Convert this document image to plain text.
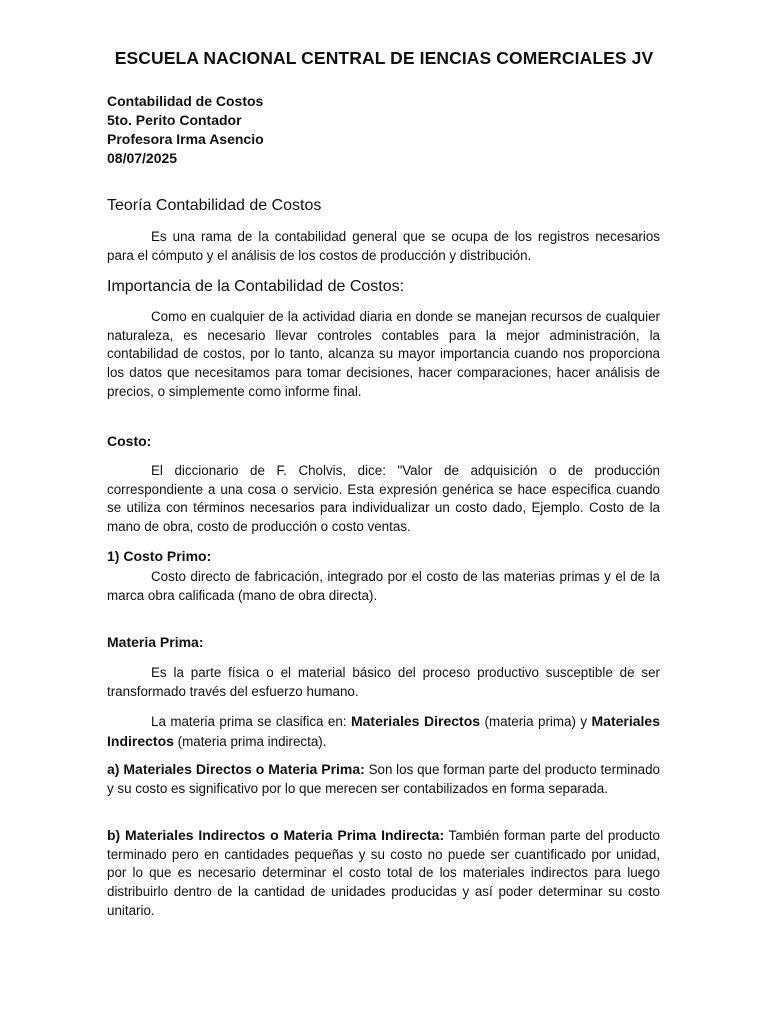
ESCUELA NACIONAL CENTRAL DE IENCIAS COMERCIALES JV
Contabilidad de Costos
5to. Perito Contador
Profesora Irma Asencio
08/07/2025
Teoría Contabilidad de Costos
Es una rama de la contabilidad general que se ocupa de los registros necesarios para el cómputo y el análisis de los costos de producción y distribución.
Importancia de la Contabilidad de Costos:
Como en cualquier de la actividad diaria en donde se manejan recursos de cualquier naturaleza, es necesario llevar controles contables para la mejor administración, la contabilidad de costos, por lo tanto, alcanza su mayor importancia cuando nos proporciona los datos que necesitamos para tomar decisiones, hacer comparaciones, hacer análisis de precios, o simplemente como informe final.
Costo:
El diccionario de F. Cholvis, dice: "Valor de adquisición o de producción correspondiente a una cosa o servicio. Esta expresión genérica se hace especifica cuando se utiliza con términos necesarios para individualizar un costo dado, Ejemplo. Costo de la mano de obra, costo de producción o costo ventas.
1) Costo Primo:
Costo directo de fabricación, integrado por el costo de las materias primas y el de la marca obra calificada (mano de obra directa).
Materia Prima:
Es la parte física o el material básico del proceso productivo susceptible de ser transformado través del esfuerzo humano.
La materia prima se clasifica en: Materiales Directos (materia prima) y Materiales Indirectos (materia prima indirecta).
a) Materiales Directos o Materia Prima: Son los que forman parte del producto terminado y su costo es significativo por lo que merecen ser contabilizados en forma separada.
b) Materiales Indirectos o Materia Prima Indirecta: También forman parte del producto terminado pero en cantidades pequeñas y su costo no puede ser cuantificado por unidad, por lo que es necesario determinar el costo total de los materiales indirectos para luego distribuirlo dentro de la cantidad de unidades producidas y así poder determinar su costo unitario.
